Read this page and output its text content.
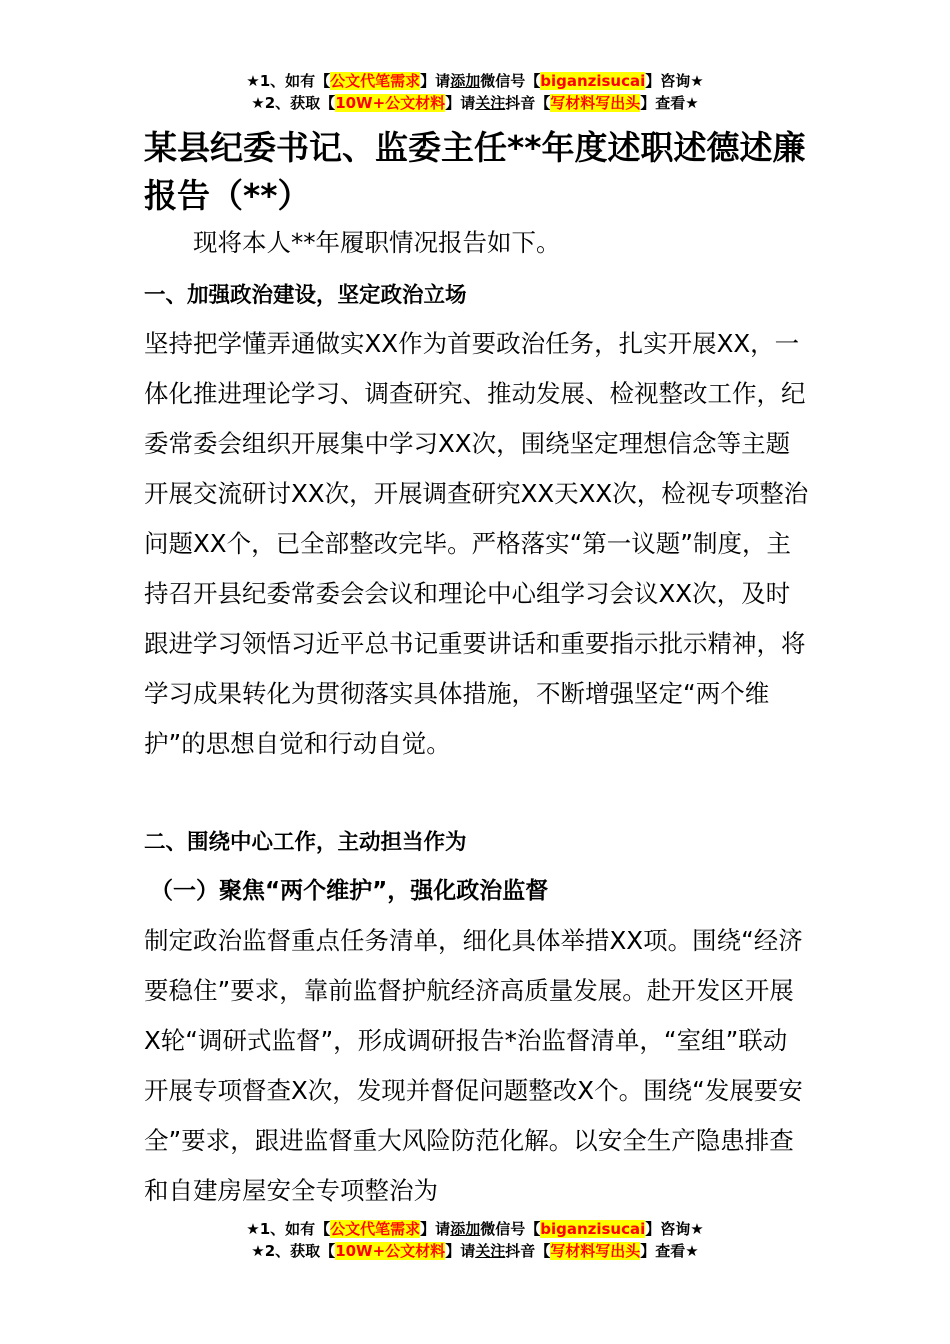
★1、如有【公文代笔需求】请添加微信号【biganzisucai】咨询★
★2、获取【10W+公文材料】请关注抖音【写材料写出头】查看★
某县纪委书记、监委主任**年度述职述德述廉报告（**）

现将本人**年履职情况报告如下。

一、加强政治建设，坚定政治立场

坚持把学懂弄通做实XX作为首要政治任务，扎实开展XX，一体化推进理论学习、调查研究、推动发展、检视整改工作，纪委常委会组织开展集中学习XX次，围绕坚定理想信念等主题开展交流研讨XX次，开展调查研究XX天XX次，检视专项整治问题XX个，已全部整改完毕。严格落实“第一议题”制度，主持召开县纪委常委会会议和理论中心组学习会议XX次，及时跟进学习领悟习近平总书记重要讲话和重要指示批示精神，将学习成果转化为贯彻落实具体措施，不断增强坚定“两个维护”的思想自觉和行动自觉。

二、围绕中心工作，主动担当作为
（一）聚焦“两个维护”，强化政治监督

制定政治监督重点任务清单，细化具体举措XX项。围绕“经济要稳住”要求，靠前监督护航经济高质量发展。赴开发区开展X轮“调研式监督”，形成调研报告*治监督清单，“室组”联动开展专项督查X次，发现并督促问题整改X个。围绕“发展要安全”要求，跟进监督重大风险防范化解。以安全生产隐患排查和自建房屋安全专项整治为

★1、如有【公文代笔需求】请添加微信号【biganzisucai】咨询★
★2、获取【10W+公文材料】请关注抖音【写材料写出头】查看★
